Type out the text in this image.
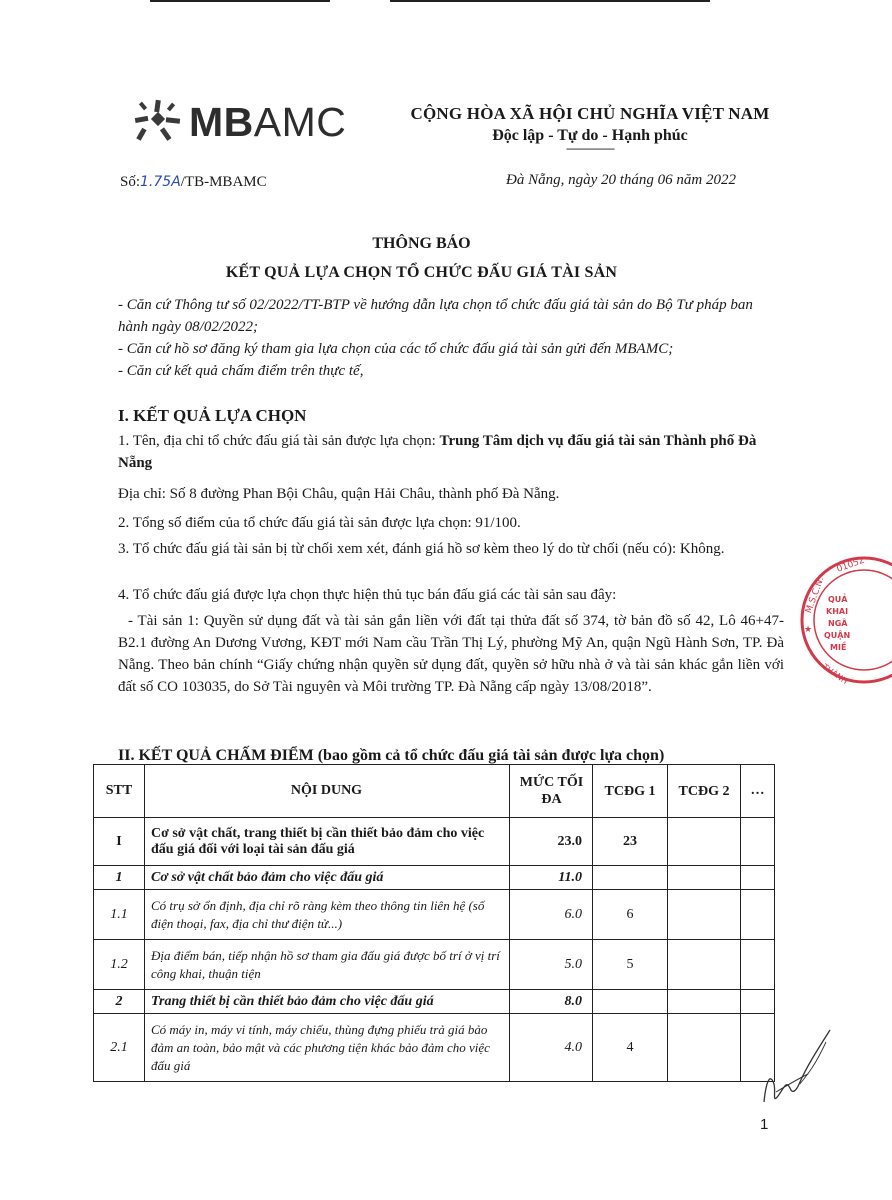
MBAMC	CỘNG HÒA XÃ HỘI CHỦ NGHĨA VIỆT NAM
Độc lập - Tự do - Hạnh phúc
----------------
Số:1.75A/TB-MBAMC	Đà Nẵng, ngày 20 tháng 06 năm 2022
THÔNG BÁO
KẾT QUẢ LỰA CHỌN TỔ CHỨC ĐẤU GIÁ TÀI SẢN

- Căn cứ Thông tư số 02/2022/TT-BTP về hướng dẫn lựa chọn tổ chức đấu giá tài sản do Bộ Tư pháp ban hành ngày 08/02/2022;

- Căn cứ hồ sơ đăng ký tham gia lựa chọn của các tổ chức đấu giá tài sản gửi đến MBAMC;

- Căn cứ kết quả chấm điểm trên thực tế,

I. KẾT QUẢ LỰA CHỌN

1. Tên, địa chỉ tổ chức đấu giá tài sản được lựa chọn: Trung Tâm dịch vụ đấu giá tài sản Thành phố Đà Nẵng

Địa chỉ: Số 8 đường Phan Bội Châu, quận Hải Châu, thành phố Đà Nẵng.
2. Tổng số điểm của tổ chức đấu giá tài sản được lựa chọn: 91/100.
3. Tổ chức đấu giá tài sản bị từ chối xem xét, đánh giá hồ sơ kèm theo lý do từ chối (nếu có): Không.
4. Tổ chức đấu giá được lựa chọn thực hiện thủ tục bán đấu giá các tài sản sau đây:
- Tài sản 1: Quyền sử dụng đất và tài sản gắn liền với đất tại thửa đất số 374, tờ bản đồ số 42, Lô 46+47-B2.1 đường An Dương Vương, KĐT mới Nam cầu Trần Thị Lý, phường Mỹ An, quận Ngũ Hành Sơn, TP. Đà Nẵng. Theo bản chính “Giấy chứng nhận quyền sử dụng đất, quyền sở hữu nhà ở và tài sản khác gắn liền với đất số CO 103035, do Sở Tài nguyên và Môi trường TP. Đà Nẵng cấp ngày 13/08/2018”.
II. KẾT QUẢ CHẤM ĐIỂM (bao gồm cả tổ chức đấu giá tài sản được lựa chọn)
STT	NỘI DUNG	MỨC TỐI ĐA	TCĐG 1	TCĐG 2	…
I	Cơ sở vật chất, trang thiết bị cần thiết bảo đảm cho việc đấu giá đối với loại tài sản đấu giá	23.0	23		
1	Cơ sở vật chất bảo đảm cho việc đấu giá	11.0			
1.1	Có trụ sở ổn định, địa chỉ rõ ràng kèm theo thông tin liên hệ (số điện thoại, fax, địa chỉ thư điện tử...)	6.0	6		
1.2	Địa điểm bán, tiếp nhận hồ sơ tham gia đấu giá được bố trí ở vị trí công khai, thuận tiện	5.0	5		
2	Trang thiết bị cần thiết bảo đảm cho việc đấu giá	8.0			
2.1	Có máy in, máy vi tính, máy chiếu, thùng đựng phiếu trả giá bảo đảm an toàn, bảo mật và các phương tiện khác bảo đảm cho việc đấu giá	4.0	4		
M.S.C.N:
01052
QUẢ
KHAI
NGÂ
QUẬN
MIỀ
THÀNH
★
1
